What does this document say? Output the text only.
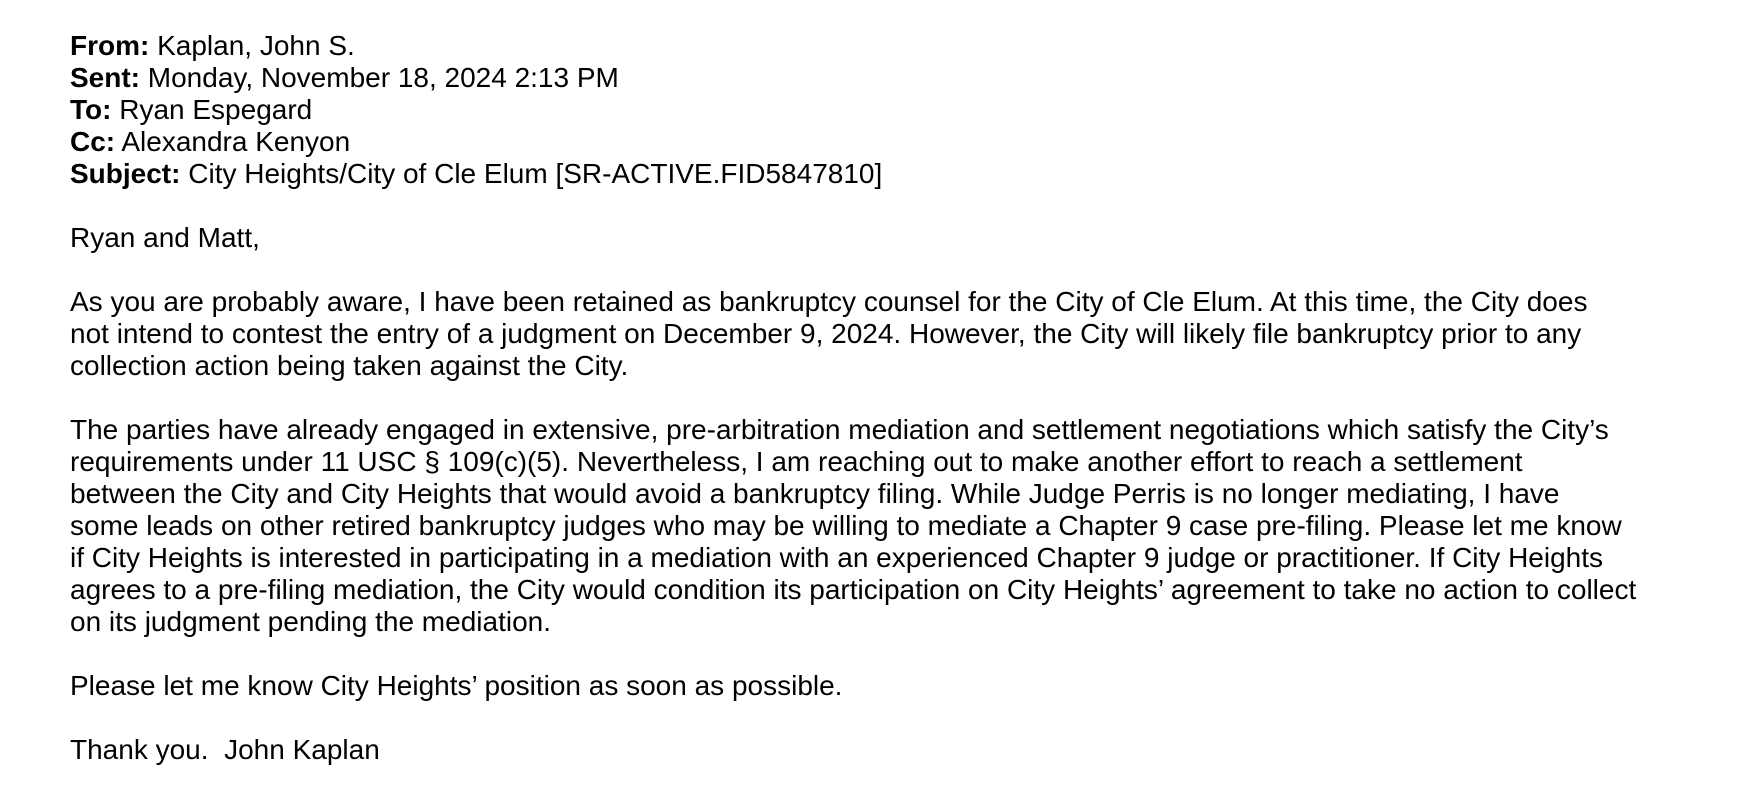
From: Kaplan, John S.
Sent: Monday, November 18, 2024 2:13 PM
To: Ryan Espegard
Cc: Alexandra Kenyon
Subject: City Heights/City of Cle Elum [SR-ACTIVE.FID5847810]
Ryan and Matt,
As you are probably aware, I have been retained as bankruptcy counsel for the City of Cle Elum. At this time, the City does
not intend to contest the entry of a judgment on December 9, 2024. However, the City will likely file bankruptcy prior to any
collection action being taken against the City.
The parties have already engaged in extensive, pre-arbitration mediation and settlement negotiations which satisfy the City’s
requirements under 11 USC § 109(c)(5). Nevertheless, I am reaching out to make another effort to reach a settlement
between the City and City Heights that would avoid a bankruptcy filing. While Judge Perris is no longer mediating, I have
some leads on other retired bankruptcy judges who may be willing to mediate a Chapter 9 case pre-filing. Please let me know
if City Heights is interested in participating in a mediation with an experienced Chapter 9 judge or practitioner. If City Heights
agrees to a pre-filing mediation, the City would condition its participation on City Heights’ agreement to take no action to collect
on its judgment pending the mediation.
Please let me know City Heights’ position as soon as possible.
Thank you.  John Kaplan
